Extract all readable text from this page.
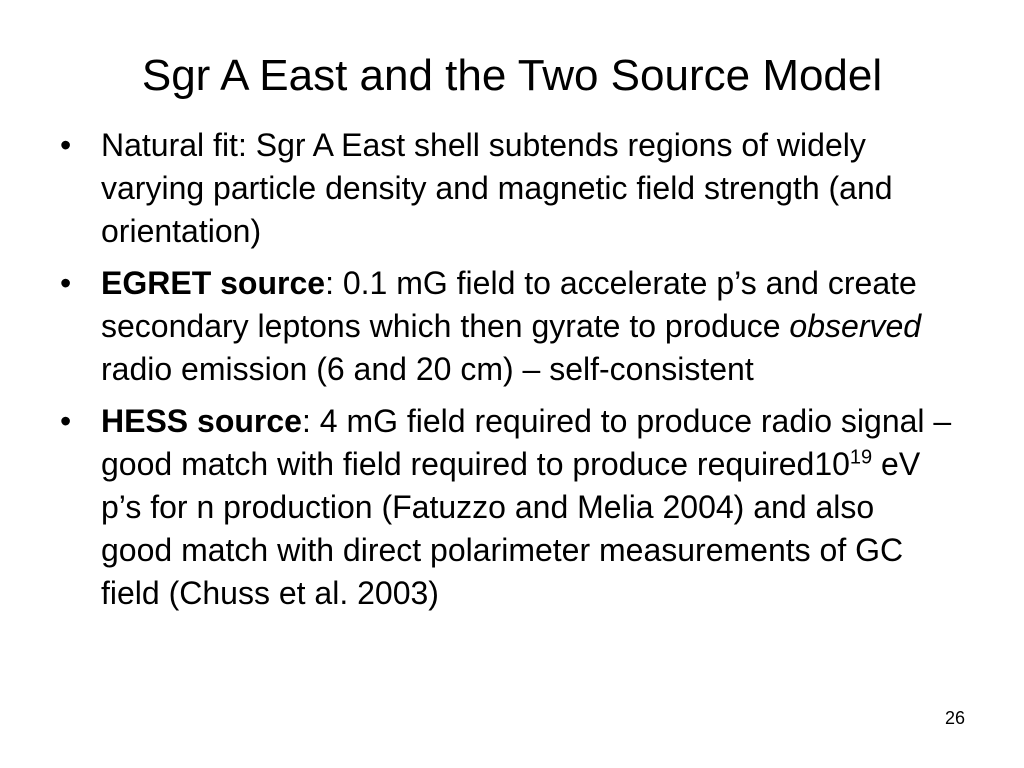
Sgr A East and the Two Source Model
• Natural fit: Sgr A East shell subtends regions of widely varying particle density and magnetic field strength (and orientation)
• EGRET source: 0.1 mG field to accelerate p’s and create secondary leptons which then gyrate to produce observed radio emission (6 and 20 cm) – self-consistent
• HESS source: 4 mG field required to produce radio signal – good match with field required to produce $required10^{19}$ eV p’s for n production (Fatuzzo and Melia 2004) and also good match with direct polarimeter measurements of GC field (Chuss et al. 2003)
26
